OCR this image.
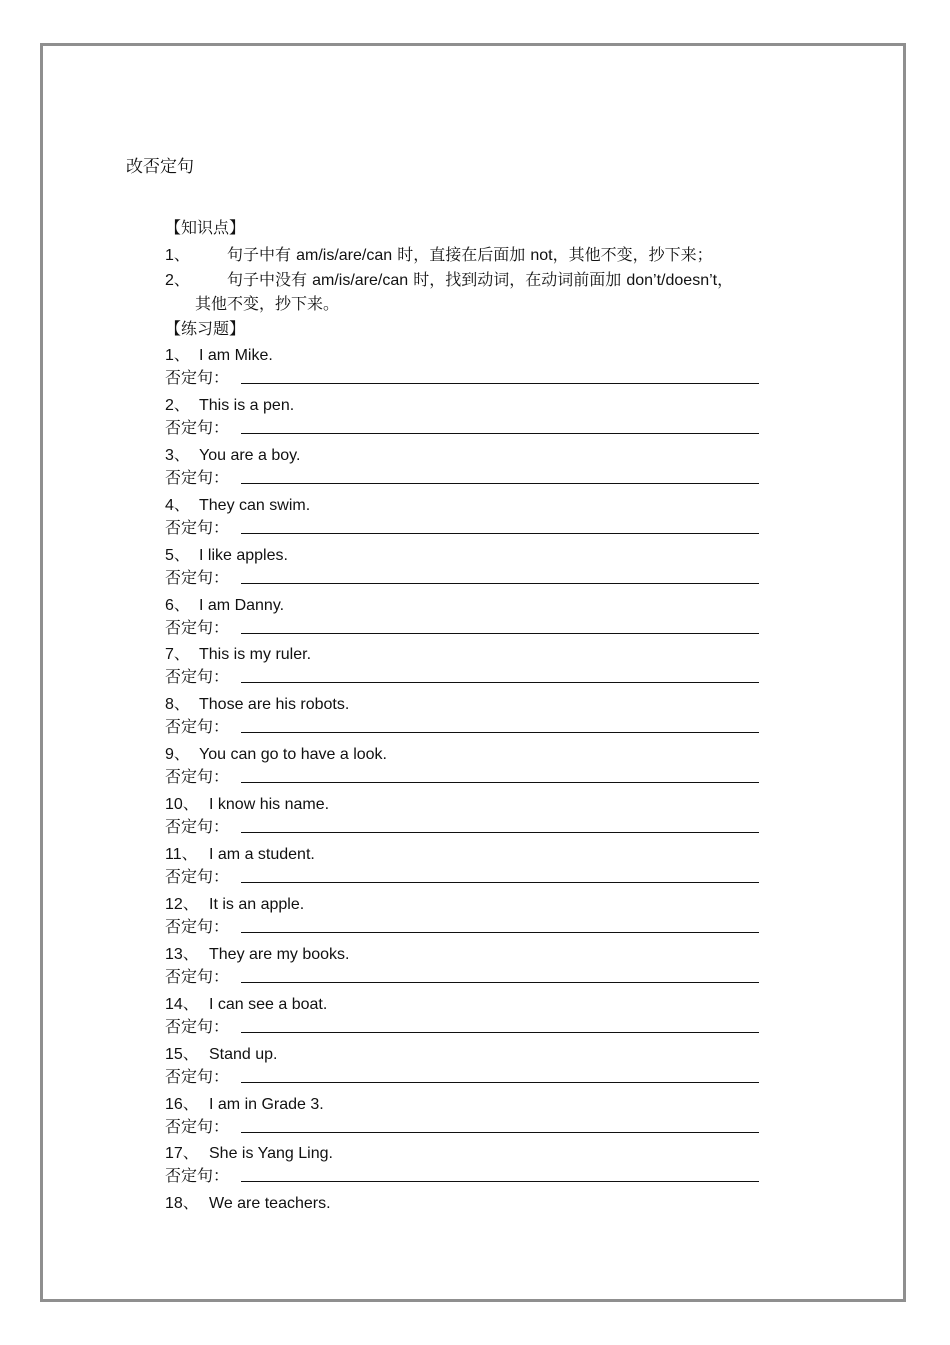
改否定句
【知识点】
1、 句子中有 am/is/are/can 时，直接在后面加 not，其他不变，抄下来；
2、 句子中没有 am/is/are/can 时，找到动词，在动词前面加 don’t/doesn’t，
其他不变，抄下来。
【练习题】
1、 I am Mike.
否定句：
2、 This is a pen.
否定句：
3、 You are a boy.
否定句：
4、 They can swim.
否定句：
5、 I like apples.
否定句：
6、 I am Danny.
否定句：
7、 This is my ruler.
否定句：
8、 Those are his robots.
否定句：
9、 You can go to have a look.
否定句：
10、 I know his name.
否定句：
11、 I am a student.
否定句：
12、 It is an apple.
否定句：
13、 They are my books.
否定句：
14、 I can see a boat.
否定句：
15、 Stand up.
否定句：
16、 I am in Grade 3.
否定句：
17、 She is Yang Ling.
否定句：
18、 We are teachers.
